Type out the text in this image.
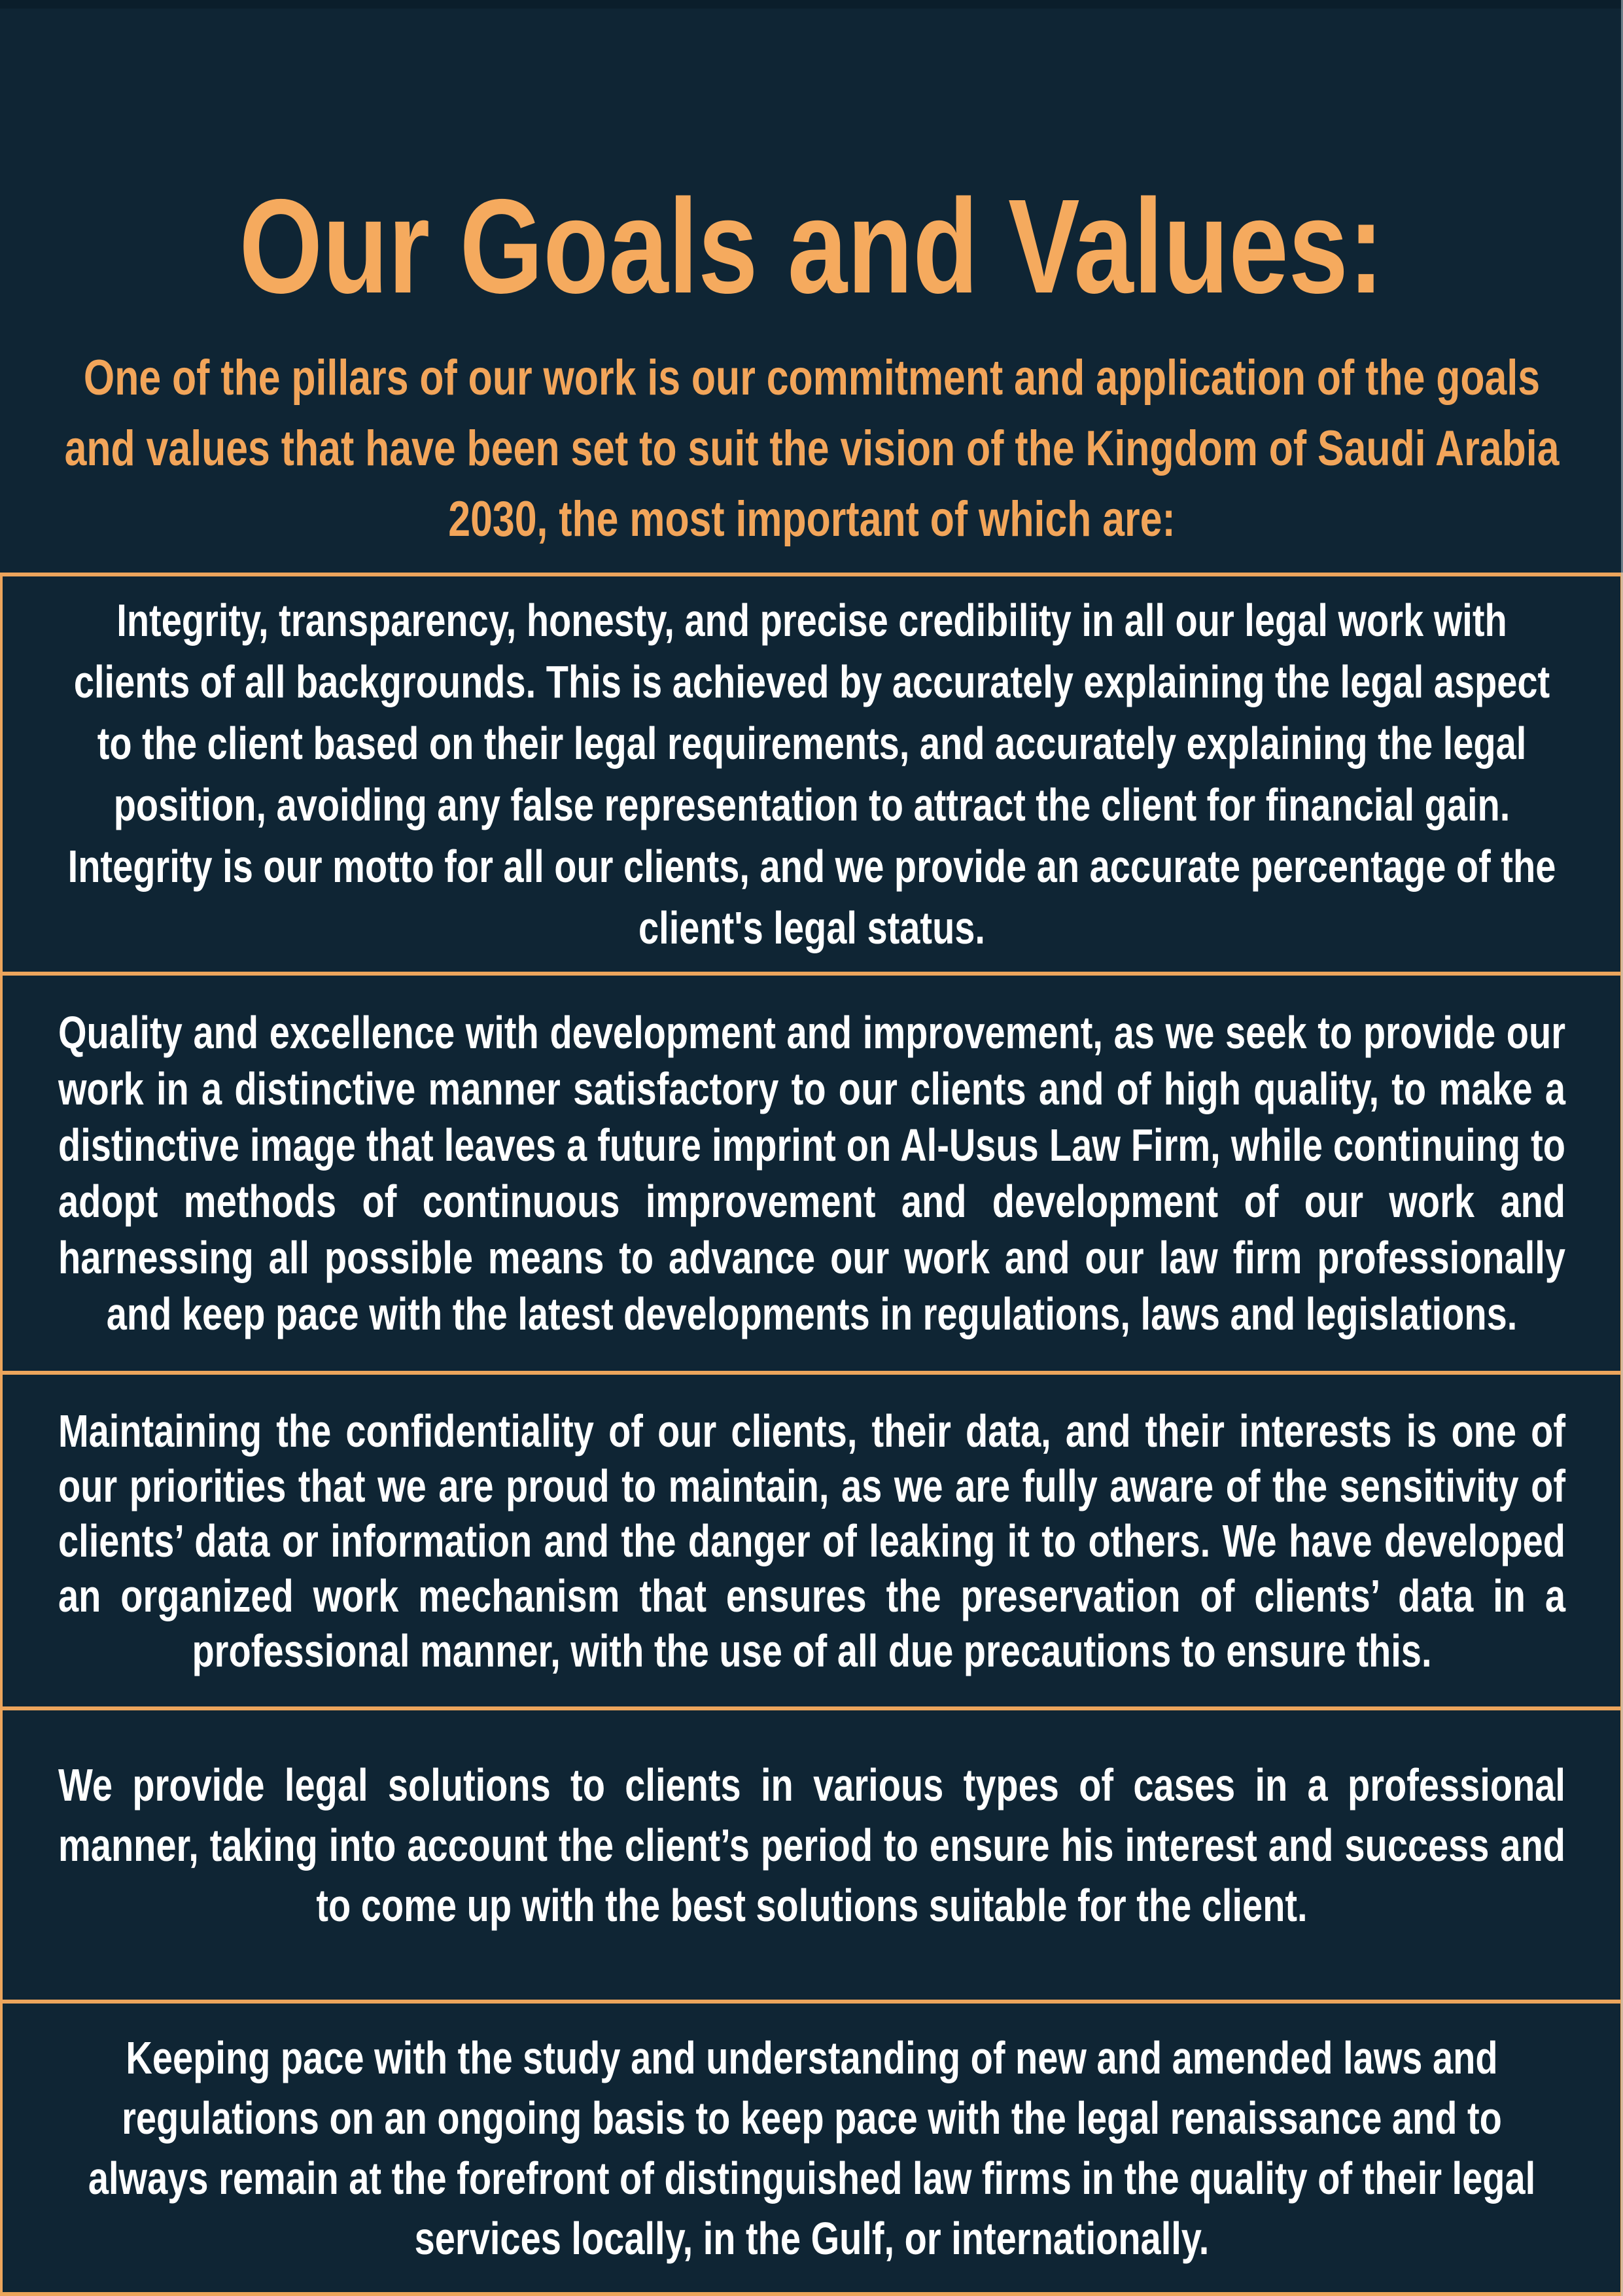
Our Goals and Values:

One of the pillars of our work is our commitment and application of the goals and values that have been set to suit the vision of the Kingdom of Saudi Arabia 2030, the most important of which are:

Integrity, transparency, honesty, and precise credibility in all our legal work with clients of all backgrounds. This is achieved by accurately explaining the legal aspect to the client based on their legal requirements, and accurately explaining the legal position, avoiding any false representation to attract the client for financial gain. Integrity is our motto for all our clients, and we provide an accurate percentage of the client's legal status.
Quality and excellence with development and improvement, as we seek to provide our work in a distinctive manner satisfactory to our clients and of high quality, to make a distinctive image that leaves a future imprint on Al-Usus Law Firm, while continuing to adopt methods of continuous improvement and development of our work and harnessing all possible means to advance our work and our law firm professionally and keep pace with the latest developments in regulations, laws and legislations.
Maintaining the confidentiality of our clients, their data, and their interests is one of our priorities that we are proud to maintain, as we are fully aware of the sensitivity of clients’ data or information and the danger of leaking it to others. We have developed an organized work mechanism that ensures the preservation of clients’ data in a professional manner, with the use of all due precautions to ensure this.
We provide legal solutions to clients in various types of cases in a professional manner, taking into account the client’s period to ensure his interest and success and to come up with the best solutions suitable for the client.
Keeping pace with the study and understanding of new and amended laws and regulations on an ongoing basis to keep pace with the legal renaissance and to always remain at the forefront of distinguished law firms in the quality of their legal services locally, in the Gulf, or internationally.
